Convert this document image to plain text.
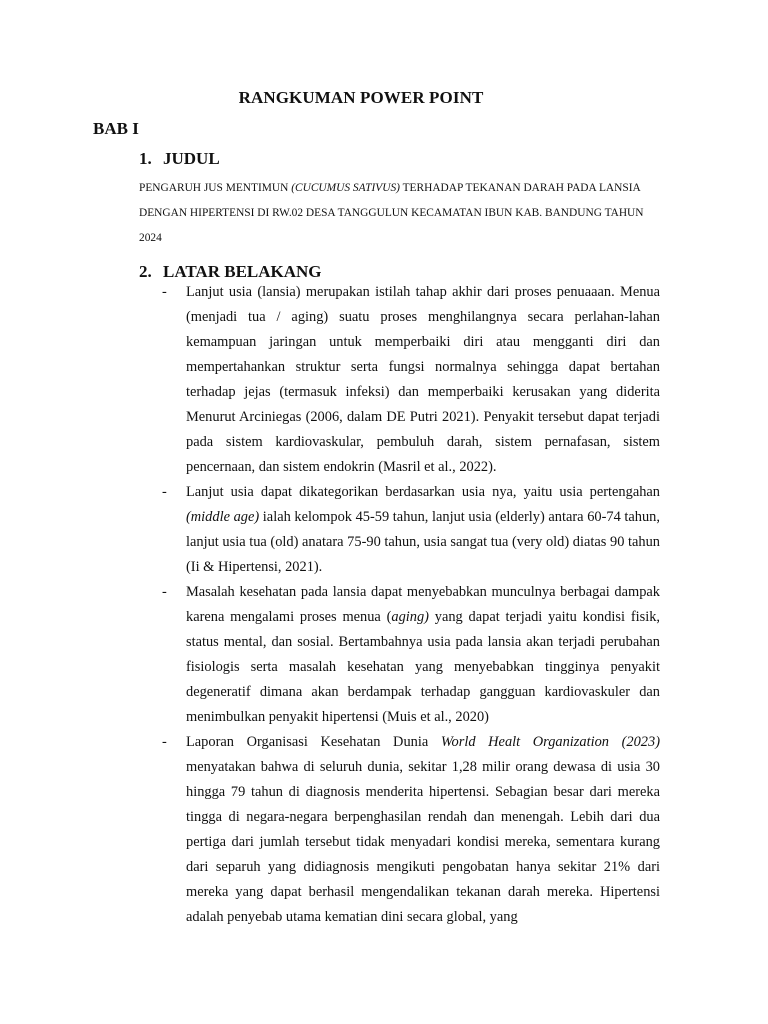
RANGKUMAN POWER POINT
BAB I
1. JUDUL
PENGARUH JUS MENTIMUN (CUCUMUS SATIVUS) TERHADAP TEKANAN DARAH PADA LANSIA DENGAN HIPERTENSI DI RW.02 DESA TANGGULUN KECAMATAN IBUN KAB. BANDUNG TAHUN 2024
2. LATAR BELAKANG
- Lanjut usia (lansia) merupakan istilah tahap akhir dari proses penuaaan. Menua (menjadi tua / aging) suatu proses menghilangnya secara perlahan-lahan kemampuan jaringan untuk memperbaiki diri atau mengganti diri dan mempertahankan struktur serta fungsi normalnya sehingga dapat bertahan terhadap jejas (termasuk infeksi) dan memperbaiki kerusakan yang diderita Menurut Arciniegas (2006, dalam DE Putri 2021). Penyakit tersebut dapat terjadi pada sistem kardiovaskular, pembuluh darah, sistem pernafasan, sistem pencernaan, dan sistem endokrin (Masril et al., 2022).
- Lanjut usia dapat dikategorikan berdasarkan usia nya, yaitu usia pertengahan (middle age) ialah kelompok 45-59 tahun, lanjut usia (elderly) antara 60-74 tahun, lanjut usia tua (old) anatara 75-90 tahun, usia sangat tua (very old) diatas 90 tahun (Ii & Hipertensi, 2021).
- Masalah kesehatan pada lansia dapat menyebabkan munculnya berbagai dampak karena mengalami proses menua (aging) yang dapat terjadi yaitu kondisi fisik, status mental, dan sosial. Bertambahnya usia pada lansia akan terjadi perubahan fisiologis serta masalah kesehatan yang menyebabkan tingginya penyakit degeneratif dimana akan berdampak terhadap gangguan kardiovaskuler dan menimbulkan penyakit hipertensi (Muis et al., 2020)
- Laporan Organisasi Kesehatan Dunia World Healt Organization (2023) menyatakan bahwa di seluruh dunia, sekitar 1,28 milir orang dewasa di usia 30 hingga 79 tahun di diagnosis menderita hipertensi. Sebagian besar dari mereka tingga di negara-negara berpenghasilan rendah dan menengah. Lebih dari dua pertiga dari jumlah tersebut tidak menyadari kondisi mereka, sementara kurang dari separuh yang didiagnosis mengikuti pengobatan hanya sekitar 21% dari mereka yang dapat berhasil mengendalikan tekanan darah mereka. Hipertensi adalah penyebab utama kematian dini secara global, yang
